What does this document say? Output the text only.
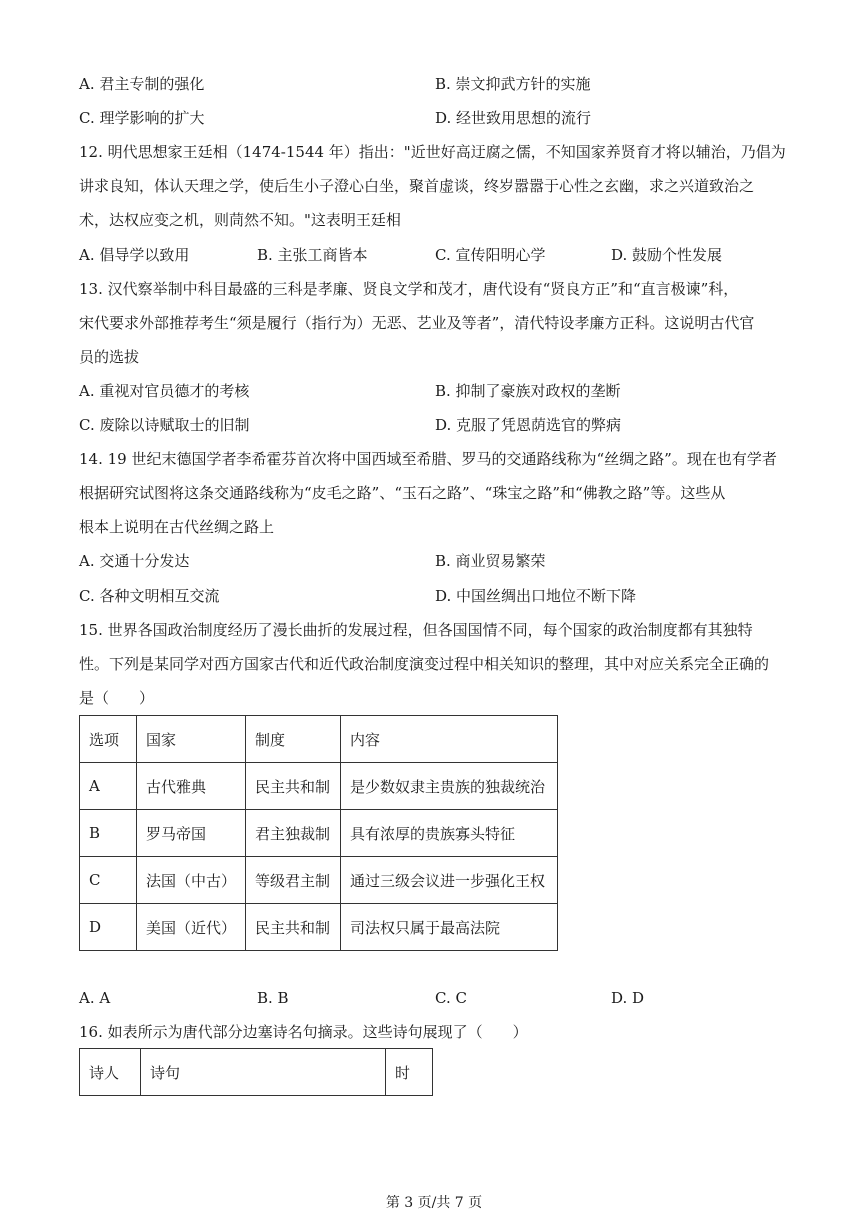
A. 君主专制的强化	B. 崇文抑武方针的实施
C. 理学影响的扩大	D. 经世致用思想的流行
12. 明代思想家王廷相（1474-1544 年）指出："近世好高迂腐之儒，不知国家养贤育才将以辅治，乃倡为
讲求良知，体认天理之学，使后生小子澄心白坐，聚首虚谈，终岁嚣嚣于心性之玄幽，求之兴道致治之
术，达权应变之机，则茼然不知。"这表明王廷相
A. 倡导学以致用	B. 主张工商皆本	C. 宣传阳明心学	D. 鼓励个性发展
13. 汉代察举制中科目最盛的三科是孝廉、贤良文学和茂才，唐代设有“贤良方正”和“直言极谏”科，
宋代要求外部推荐考生“须是履行（指行为）无恶、艺业及等者”，清代特设孝廉方正科。这说明古代官
员的选拔
A. 重视对官员德才的考核	B. 抑制了豪族对政权的垄断
C. 废除以诗赋取士的旧制	D. 克服了凭恩荫选官的弊病
14. 19 世纪末德国学者李希霍芬首次将中国西域至希腊、罗马的交通路线称为“丝绸之路”。现在也有学者
根据研究试图将这条交通路线称为“皮毛之路”、“玉石之路”、“珠宝之路”和“佛教之路”等。这些从
根本上说明在古代丝绸之路上
A. 交通十分发达	B. 商业贸易繁荣
C. 各种文明相互交流	D. 中国丝绸出口地位不断下降
15. 世界各国政治制度经历了漫长曲折的发展过程，但各国国情不同，每个国家的政治制度都有其独特
性。下列是某同学对西方国家古代和近代政治制度演变过程中相关知识的整理，其中对应关系完全正确的
是（　　）
选项	国家	制度	内容
A	古代雅典	民主共和制	是少数奴隶主贵族的独裁统治
B	罗马帝国	君主独裁制	具有浓厚的贵族寡头特征
C	法国（中古）	等级君主制	通过三级会议进一步强化王权
D	美国（近代）	民主共和制	司法权只属于最高法院
A. A	B. B	C. C	D. D
16. 如表所示为唐代部分边塞诗名句摘录。这些诗句展现了（　　）
诗人	诗句	时
第 3 页/共 7 页
